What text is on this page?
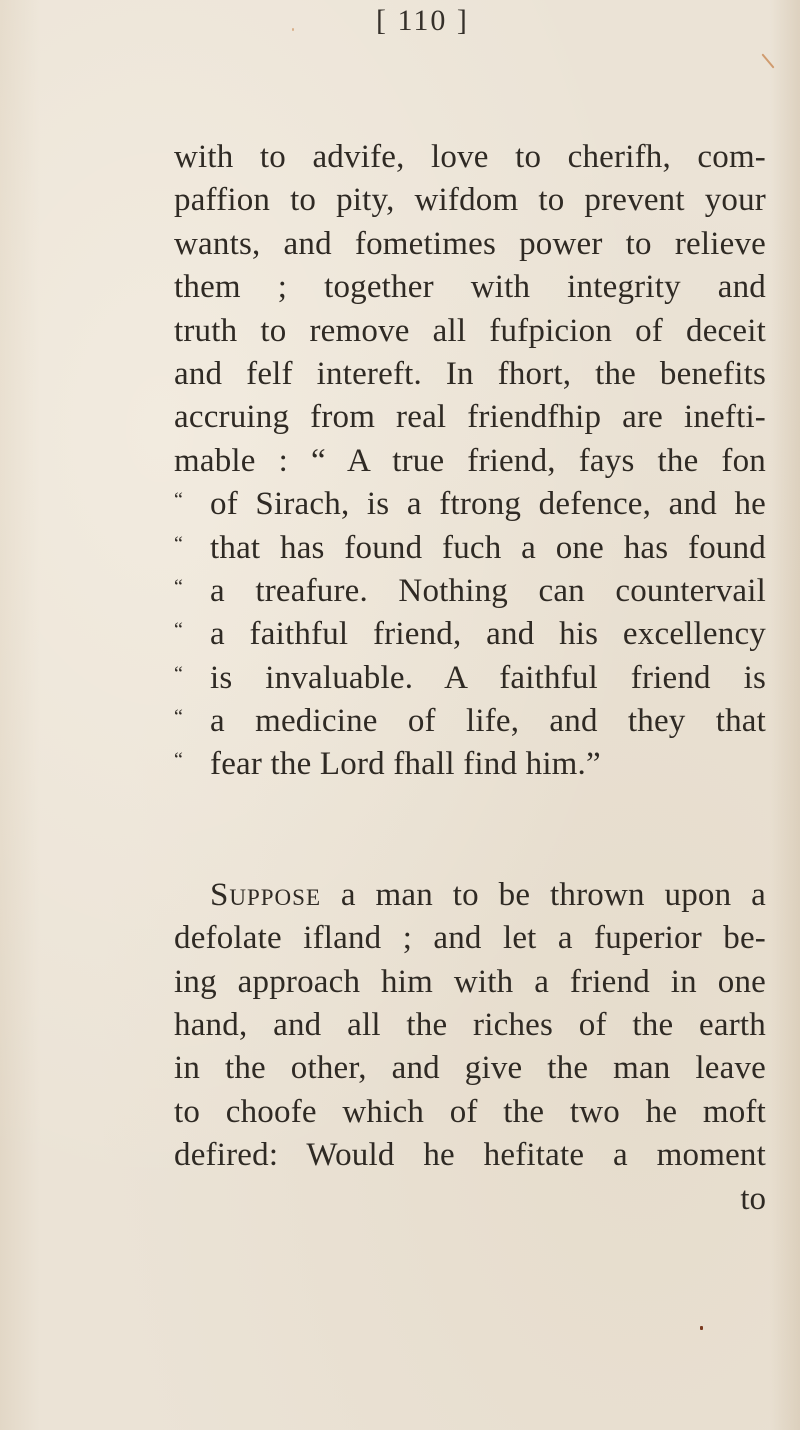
[ 110 ]
with to advife, love to cherifh, com-
paffion to pity, wifdom to prevent your
wants, and fometimes power to relieve
them ; together with integrity and
truth to remove all fufpicion of deceit
and felf intereft. In fhort, the benefits
accruing from real friendfhip are inefti-
mable : “ A true friend, fays the fon
“ of Sirach, is a ftrong defence, and he
“ that has found fuch a one has found
“ a treafure. Nothing can countervail
“ a faithful friend, and his excellency
“ is invaluable. A faithful friend is
“ a medicine of life, and they that
“ fear the Lord fhall find him.”
Suppose a man to be thrown upon a
defolate ifland ; and let a fuperior be-
ing approach him with a friend in one
hand, and all the riches of the earth
in the other, and give the man leave
to choofe which of the two he moft
defired: Would he hefitate a moment
to
